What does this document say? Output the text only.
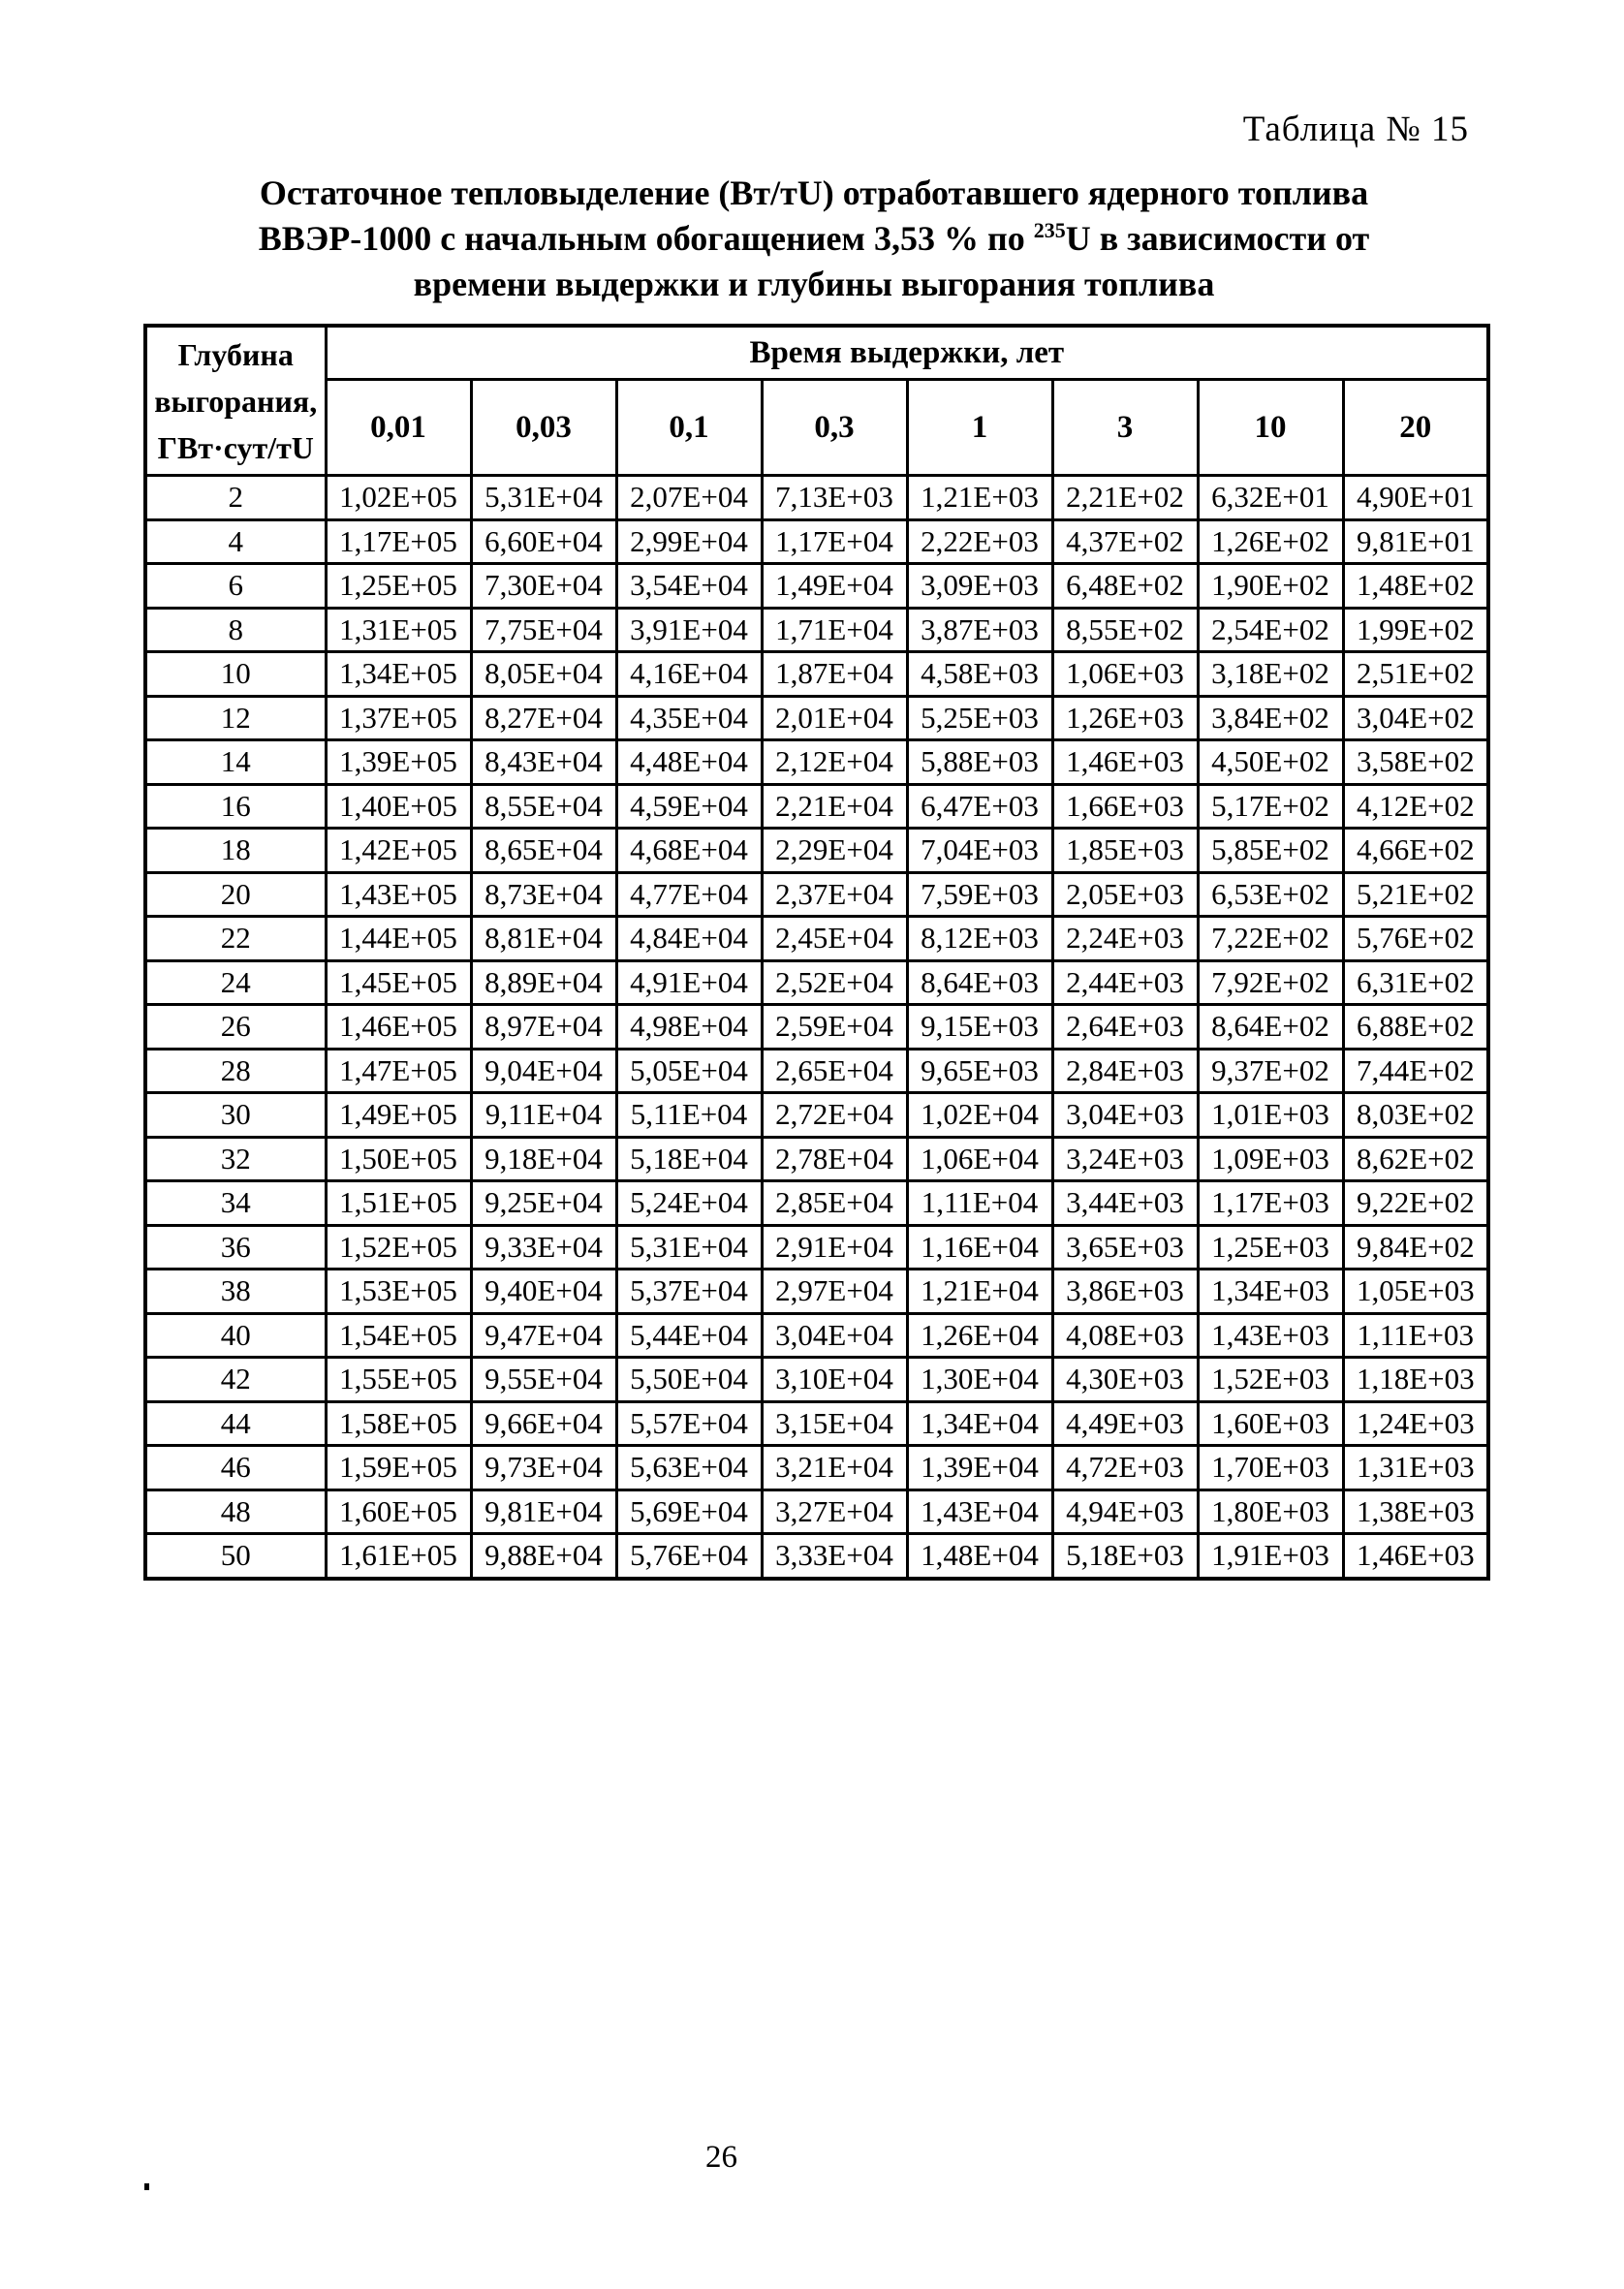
Таблица № 15
Остаточное тепловыделение (Вт/тU) отработавшего ядерного топлива
ВВЭР-1000 с начальным обогащением 3,53 % по $^{235}$U в зависимости от
времени выдержки и глубины выгорания топлива
Глубина
выгорания,
ГВт·сут/тU	Время выдержки, лет							
	0,01	0,03	0,1	0,3	1	3	10	20
2	1,02E+05	5,31E+04	2,07E+04	7,13E+03	1,21E+03	2,21E+02	6,32E+01	4,90E+01
4	1,17E+05	6,60E+04	2,99E+04	1,17E+04	2,22E+03	4,37E+02	1,26E+02	9,81E+01
6	1,25E+05	7,30E+04	3,54E+04	1,49E+04	3,09E+03	6,48E+02	1,90E+02	1,48E+02
8	1,31E+05	7,75E+04	3,91E+04	1,71E+04	3,87E+03	8,55E+02	2,54E+02	1,99E+02
10	1,34E+05	8,05E+04	4,16E+04	1,87E+04	4,58E+03	1,06E+03	3,18E+02	2,51E+02
12	1,37E+05	8,27E+04	4,35E+04	2,01E+04	5,25E+03	1,26E+03	3,84E+02	3,04E+02
14	1,39E+05	8,43E+04	4,48E+04	2,12E+04	5,88E+03	1,46E+03	4,50E+02	3,58E+02
16	1,40E+05	8,55E+04	4,59E+04	2,21E+04	6,47E+03	1,66E+03	5,17E+02	4,12E+02
18	1,42E+05	8,65E+04	4,68E+04	2,29E+04	7,04E+03	1,85E+03	5,85E+02	4,66E+02
20	1,43E+05	8,73E+04	4,77E+04	2,37E+04	7,59E+03	2,05E+03	6,53E+02	5,21E+02
22	1,44E+05	8,81E+04	4,84E+04	2,45E+04	8,12E+03	2,24E+03	7,22E+02	5,76E+02
24	1,45E+05	8,89E+04	4,91E+04	2,52E+04	8,64E+03	2,44E+03	7,92E+02	6,31E+02
26	1,46E+05	8,97E+04	4,98E+04	2,59E+04	9,15E+03	2,64E+03	8,64E+02	6,88E+02
28	1,47E+05	9,04E+04	5,05E+04	2,65E+04	9,65E+03	2,84E+03	9,37E+02	7,44E+02
30	1,49E+05	9,11E+04	5,11E+04	2,72E+04	1,02E+04	3,04E+03	1,01E+03	8,03E+02
32	1,50E+05	9,18E+04	5,18E+04	2,78E+04	1,06E+04	3,24E+03	1,09E+03	8,62E+02
34	1,51E+05	9,25E+04	5,24E+04	2,85E+04	1,11E+04	3,44E+03	1,17E+03	9,22E+02
36	1,52E+05	9,33E+04	5,31E+04	2,91E+04	1,16E+04	3,65E+03	1,25E+03	9,84E+02
38	1,53E+05	9,40E+04	5,37E+04	2,97E+04	1,21E+04	3,86E+03	1,34E+03	1,05E+03
40	1,54E+05	9,47E+04	5,44E+04	3,04E+04	1,26E+04	4,08E+03	1,43E+03	1,11E+03
42	1,55E+05	9,55E+04	5,50E+04	3,10E+04	1,30E+04	4,30E+03	1,52E+03	1,18E+03
44	1,58E+05	9,66E+04	5,57E+04	3,15E+04	1,34E+04	4,49E+03	1,60E+03	1,24E+03
46	1,59E+05	9,73E+04	5,63E+04	3,21E+04	1,39E+04	4,72E+03	1,70E+03	1,31E+03
48	1,60E+05	9,81E+04	5,69E+04	3,27E+04	1,43E+04	4,94E+03	1,80E+03	1,38E+03
50	1,61E+05	9,88E+04	5,76E+04	3,33E+04	1,48E+04	5,18E+03	1,91E+03	1,46E+03
26
